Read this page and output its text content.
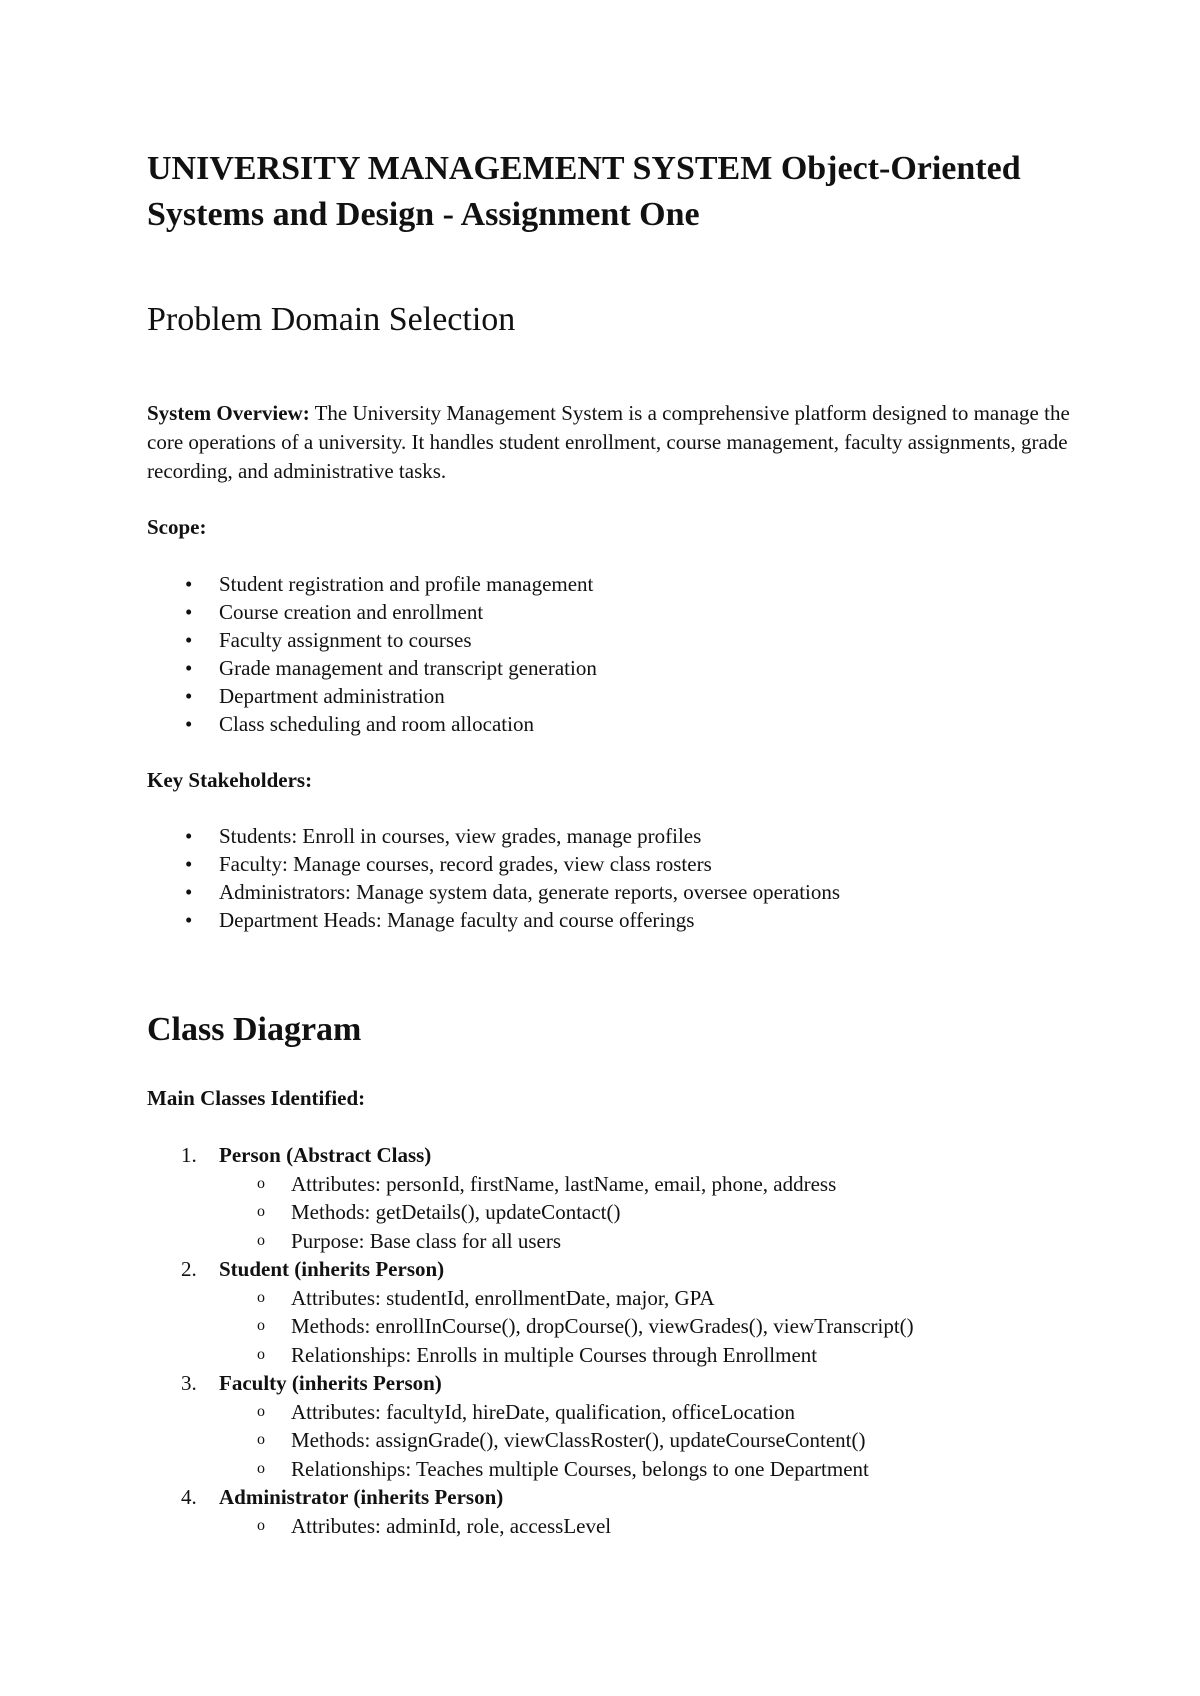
UNIVERSITY MANAGEMENT SYSTEM Object-Oriented Systems and Design - Assignment One
Problem Domain Selection

System Overview: The University Management System is a comprehensive platform designed to manage the core operations of a university. It handles student enrollment, course management, faculty assignments, grade recording, and administrative tasks.

Scope:

• Student registration and profile management
• Course creation and enrollment
• Faculty assignment to courses
• Grade management and transcript generation
• Department administration
• Class scheduling and room allocation

Key Stakeholders:

• Students: Enroll in courses, view grades, manage profiles
• Faculty: Manage courses, record grades, view class rosters
• Administrators: Manage system data, generate reports, oversee operations
• Department Heads: Manage faculty and course offerings
Class Diagram

Main Classes Identified:

1. Person (Abstract Class)
o Attributes: personId, firstName, lastName, email, phone, address
o Methods: getDetails(), updateContact()
o Purpose: Base class for all users
2. Student (inherits Person)
o Attributes: studentId, enrollmentDate, major, GPA
o Methods: enrollInCourse(), dropCourse(), viewGrades(), viewTranscript()
o Relationships: Enrolls in multiple Courses through Enrollment
3. Faculty (inherits Person)
o Attributes: facultyId, hireDate, qualification, officeLocation
o Methods: assignGrade(), viewClassRoster(), updateCourseContent()
o Relationships: Teaches multiple Courses, belongs to one Department
4. Administrator (inherits Person)
o Attributes: adminId, role, accessLevel
